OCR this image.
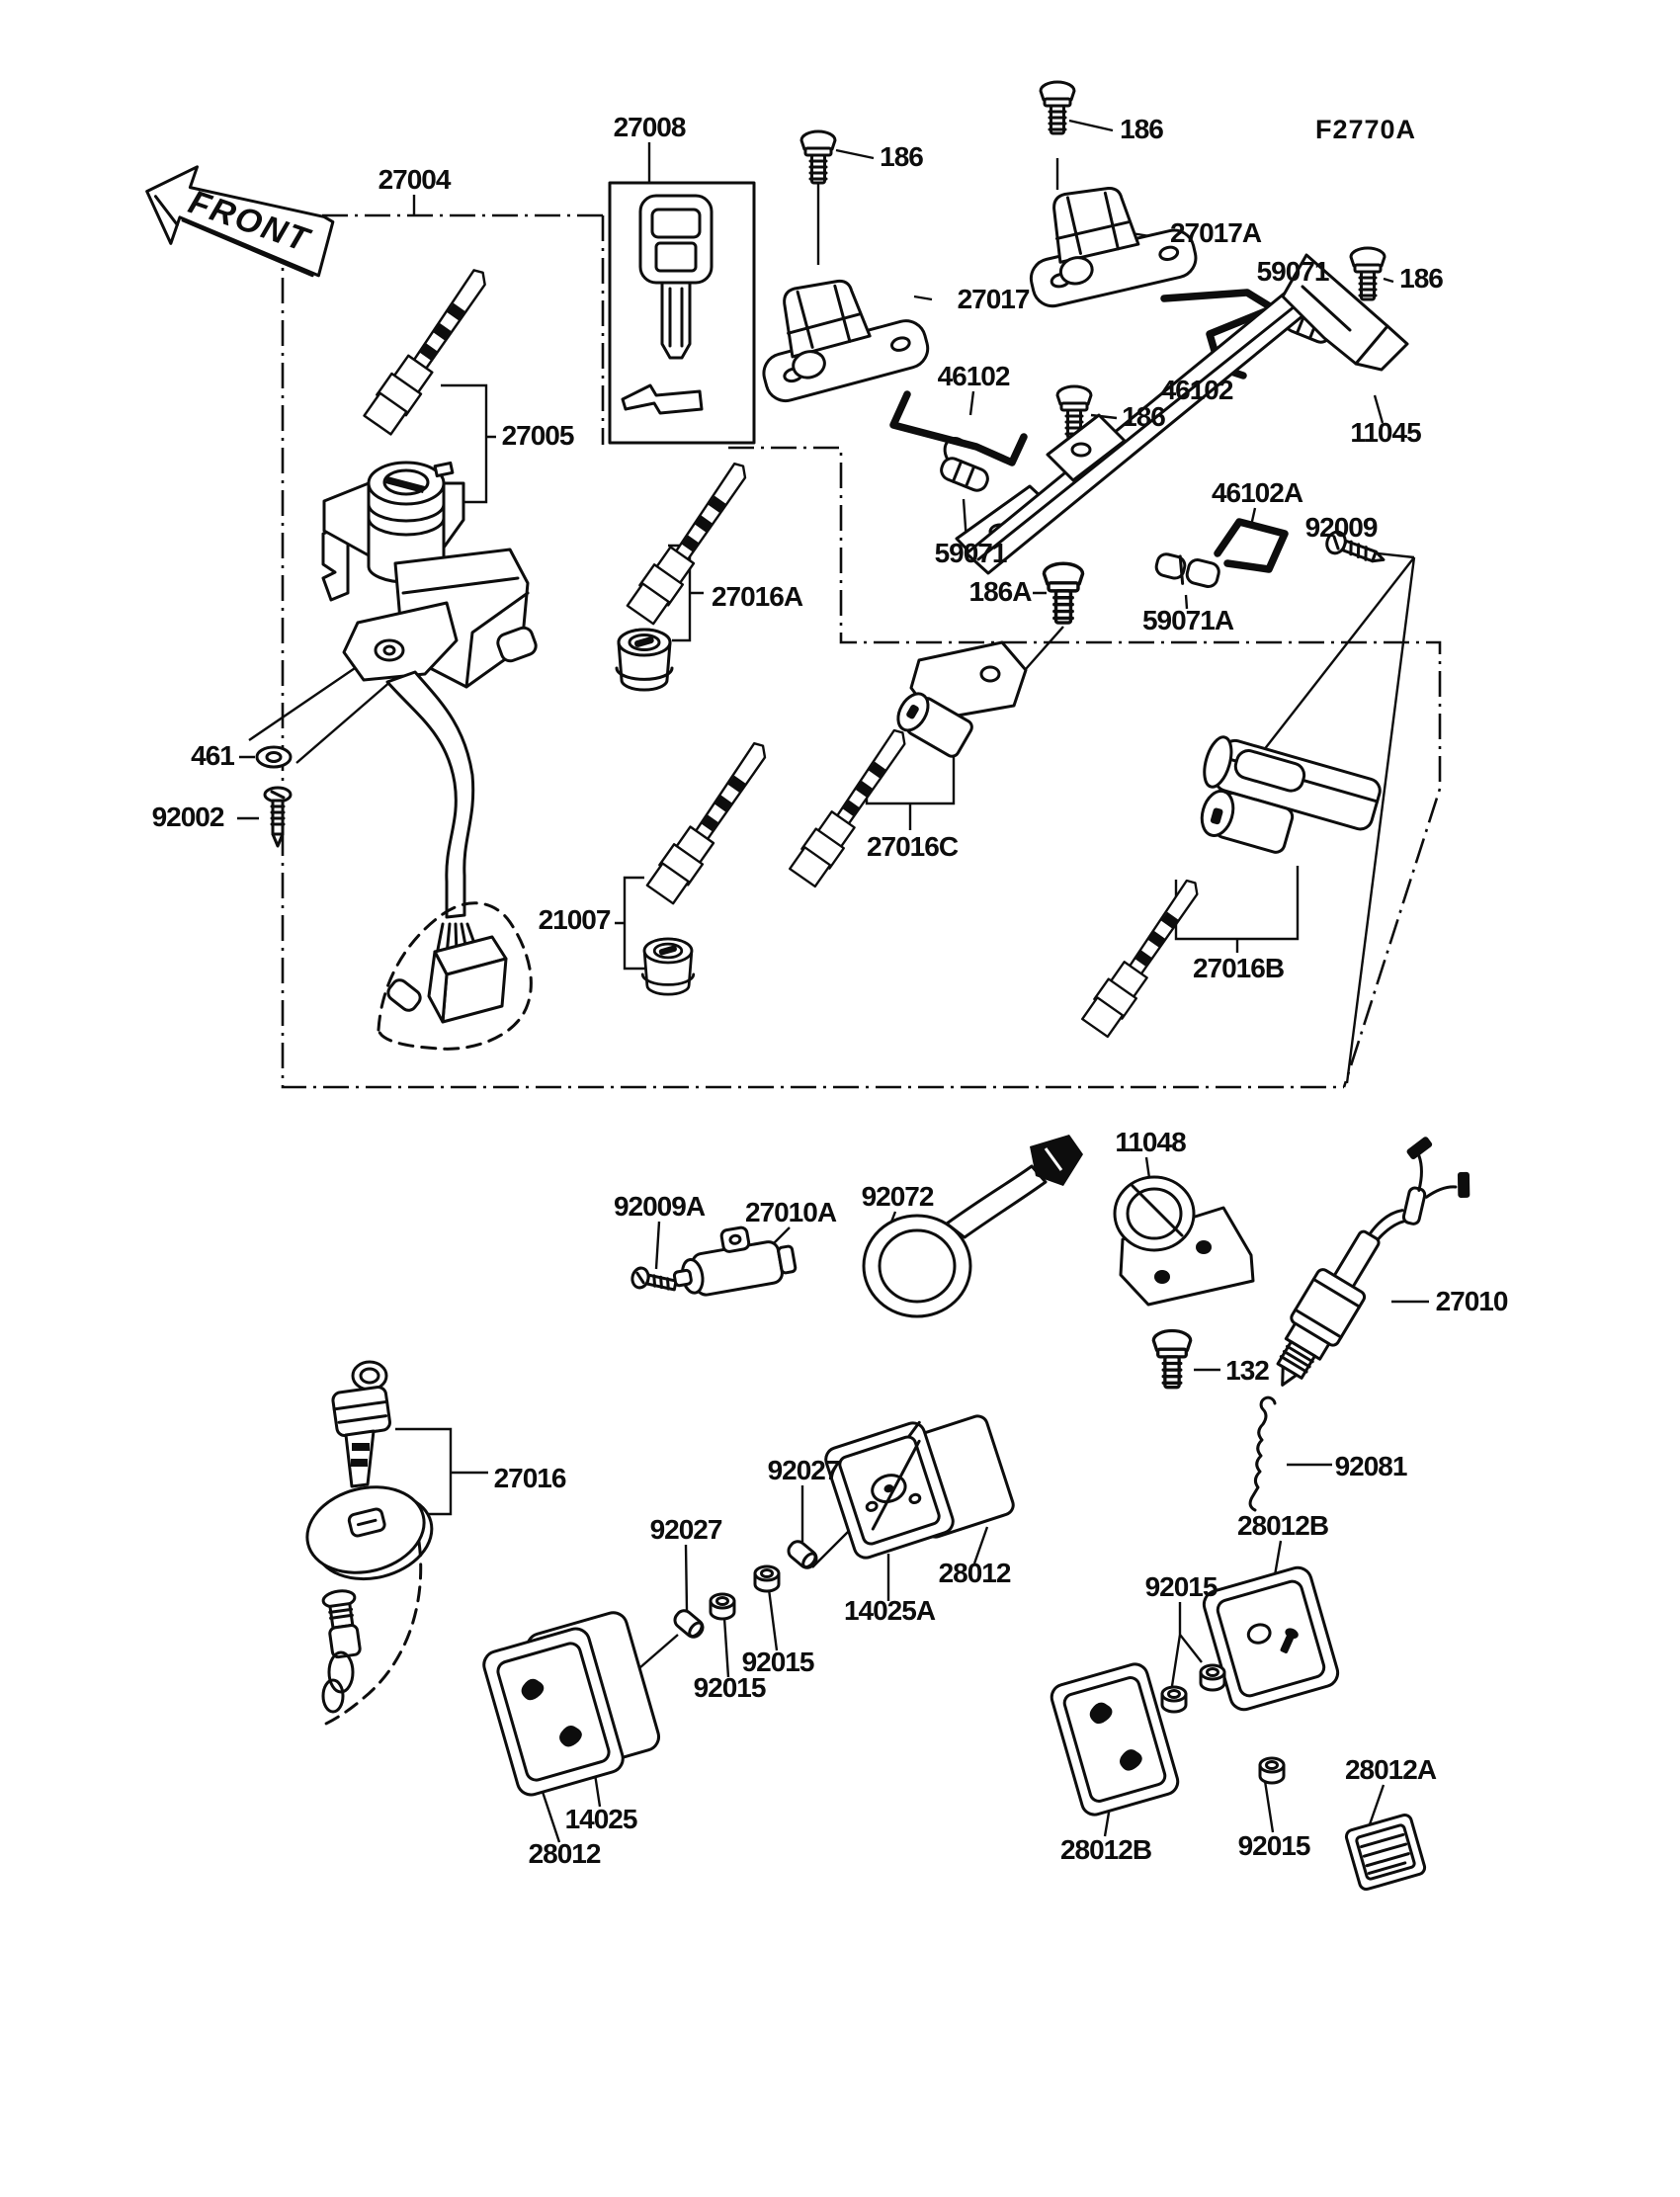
FRONT
F2770A
27004
27008
186
27017
186
27017A
59071	186
46102	46102
186
11045
46102A
92009
59071
186A
59071A
27005
27016A
21007
27016C
27016B
461
92002
92009A 27010A
92072
11048
27010
132
92081
28012B
92015
14025A
28012
92027
92027
92015
92015
14025
28012
27016
28012B	92015
28012A
